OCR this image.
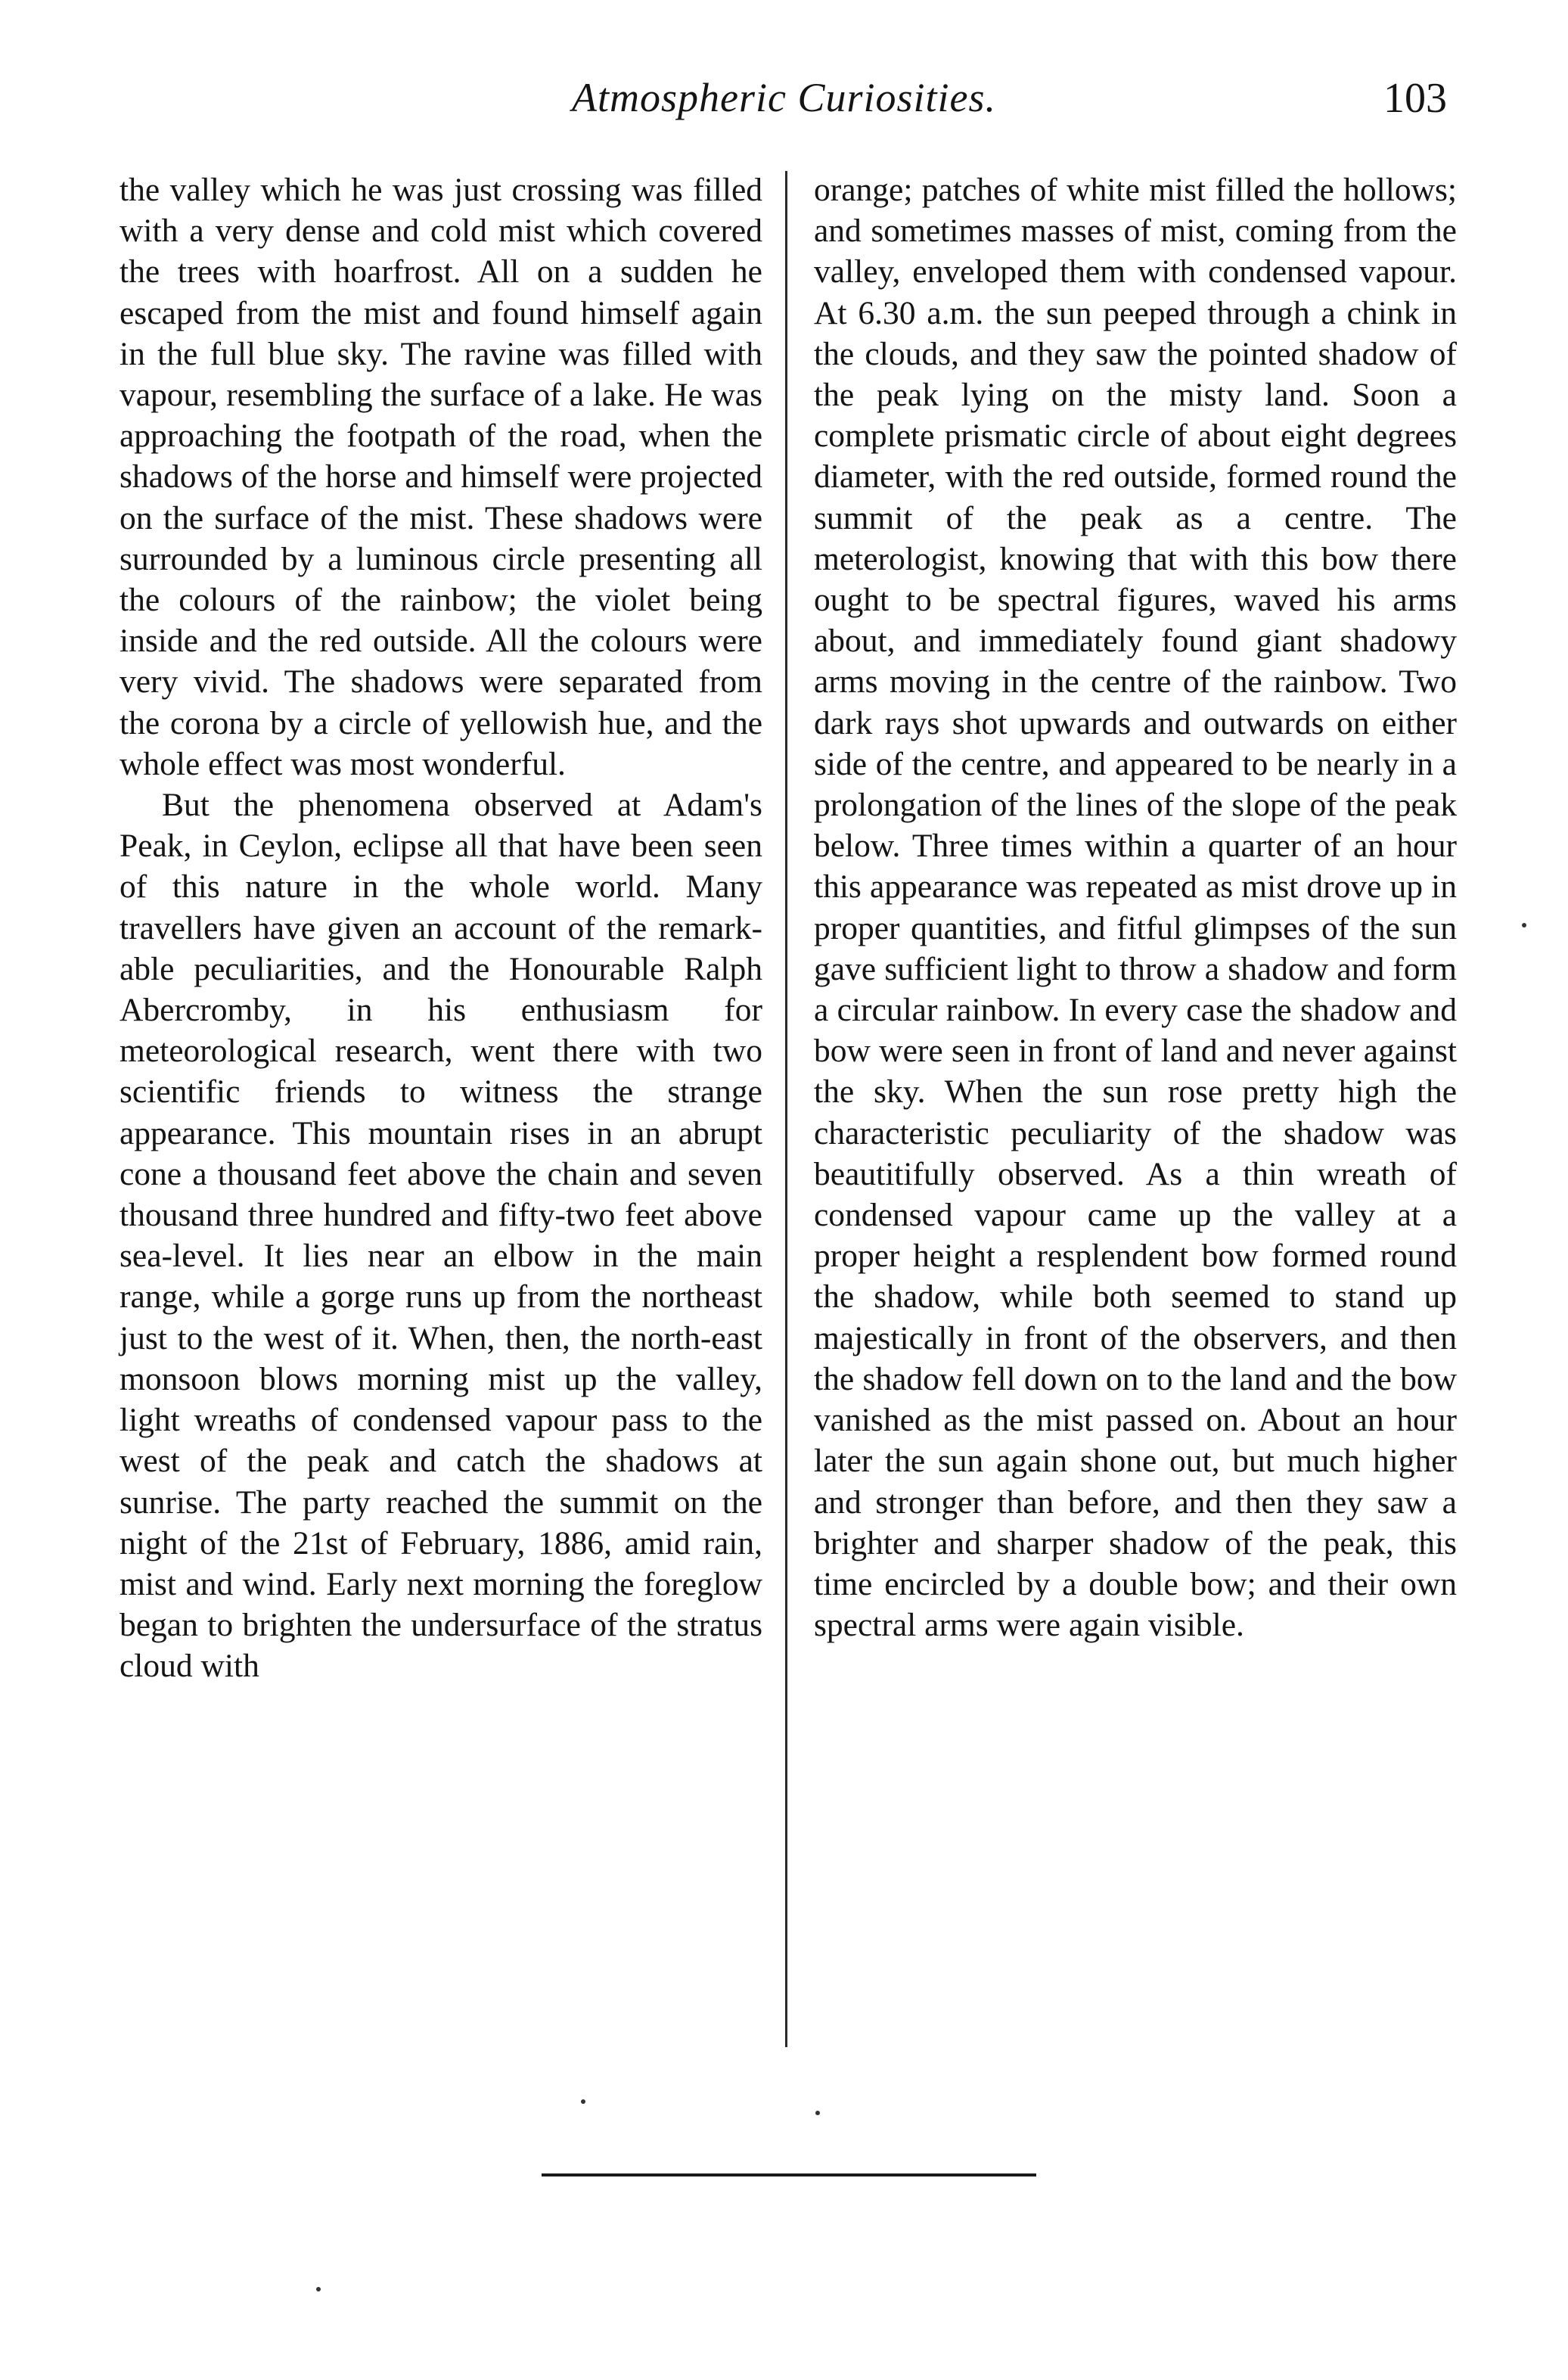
Atmospheric Curiosities.	103

the valley which he was just crossing was filled with a very dense and cold mist which covered the trees with hoarfrost. All on a sudden he escaped from the mist and found himself again in the full blue sky. The ravine was filled with vapour, resembling the surface of a lake. He was approaching the footpath of the road, when the shadows of the horse and himself were projected on the surface of the mist. These shadows were surrounded by a luminous circle presenting all the colours of the rainbow; the violet being inside and the red outside. All the colours were very vivid. The shadows were separated from the corona by a circle of yellowish hue, and the whole effect was most wonderful.

But the phenomena observed at Adam's Peak, in Ceylon, eclipse all that have been seen of this nature in the whole world. Many travellers have given an account of the remarkable peculiarities, and the Honourable Ralph Abercromby, in his enthusiasm for meteorological research, went there with two scientific friends to witness the strange appearance. This mountain rises in an abrupt cone a thousand feet above the chain and seven thousand three hundred and fifty-two feet above sea-level. It lies near an elbow in the main range, while a gorge runs up from the northeast just to the west of it. When, then, the north-east monsoon blows morning mist up the valley, light wreaths of condensed vapour pass to the west of the peak and catch the shadows at sunrise. The party reached the summit on the night of the 21st of February, 1886, amid rain, mist and wind. Early next morning the foreglow began to brighten the undersurface of the stratus cloud with

orange; patches of white mist filled the hollows; and sometimes masses of mist, coming from the valley, enveloped them with condensed vapour. At 6.30 a.m. the sun peeped through a chink in the clouds, and they saw the pointed shadow of the peak lying on the misty land. Soon a complete prismatic circle of about eight degrees diameter, with the red outside, formed round the summit of the peak as a centre. The meterologist, knowing that with this bow there ought to be spectral figures, waved his arms about, and immediately found giant shadowy arms moving in the centre of the rainbow. Two dark rays shot upwards and outwards on either side of the centre, and appeared to be nearly in a prolongation of the lines of the slope of the peak below. Three times within a quarter of an hour this appearance was repeated as mist drove up in proper quantities, and fitful glimpses of the sun gave sufficient light to throw a shadow and form a circular rainbow. In every case the shadow and bow were seen in front of land and never against the sky. When the sun rose pretty high the characteristic peculiarity of the shadow was beautitifully observed. As a thin wreath of condensed vapour came up the valley at a proper height a resplendent bow formed round the shadow, while both seemed to stand up majestically in front of the observers, and then the shadow fell down on to the land and the bow vanished as the mist passed on. About an hour later the sun again shone out, but much higher and stronger than before, and then they saw a brighter and sharper shadow of the peak, this time encircled by a double bow; and their own spectral arms were again visible.
